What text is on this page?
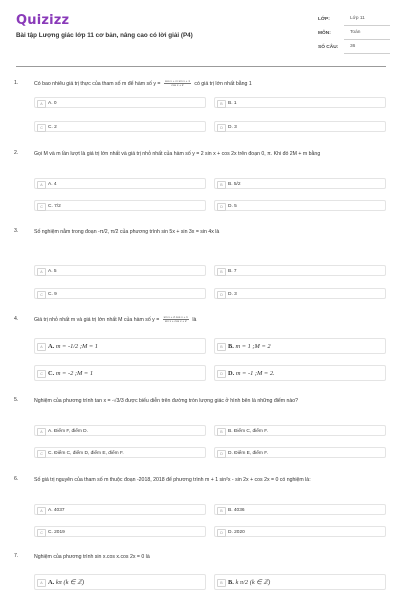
Quizizz
Bài tập Lượng giác lớp 11 cơ bản, nâng cao có lời giải (P4)
LỚP:	Lớp 11
MÔN:	Toán
SỐ CÂU:	36
1.	Có bao nhiêu giá trị thực của tham số m để hàm số $y = \frac{\text{cos x + m sin x + 1}}{\text{cos x + 2}}$ có giá trị lớn nhất bằng 1
A	A. 0	B	B. 1
C	C. 2	D	D. 3
2.	Gọi M và m lần lượt là giá trị lớn nhất và giá trị nhỏ nhất của hàm số y = 2 sin x + cos 2x trên đoạn 0, π. Khi đó 2M + m bằng
A	A. 4	B	B. 5/2
C	C. 7/2	D	D. 5
3.	Số nghiệm nằm trong đoạn -π/2, π/2 của phương trình sin 5x + sin 3x = sin 4x là
A	A. 5	B	B. 7
C	C. 9	D	D. 3
4.	Giá trị nhỏ nhất m và giá trị lớn nhất M của hàm số $y = \frac{\text{sin x + 2 cos x + 1}}{\text{sin x + cos x + 2}}$ là
A A. m = -1/2 ;M = 1	B B. m = 1 ;M = 2
C C. m = -2 ;M = 1	D D. m = -1 ;M = 2.
5.	Nghiệm của phương trình tan x = -√3/3 được biểu diễn trên đường tròn lượng giác ở hình bên là những điểm nào?
A	A. Điểm F, điểm D.	B	B. Điểm C, điểm F.
C	C. Điểm C, điểm D, điểm E, điểm F.	D	D. Điểm E, điểm F.
6.	Số giá trị nguyên của tham số m thuộc đoạn -2018, 2018 để phương trình m + 1 sin²x - sin 2x + cos 2x = 0 có nghiệm là:
A	A. 4037	B	B. 4036
C	C. 2019	D	D. 2020
7.	Nghiệm của phương trình sin x.cos x.cos 2x = 0 là
A A. kπ (k ∈ ℤ)	B B. k π/2 (k ∈ ℤ)
